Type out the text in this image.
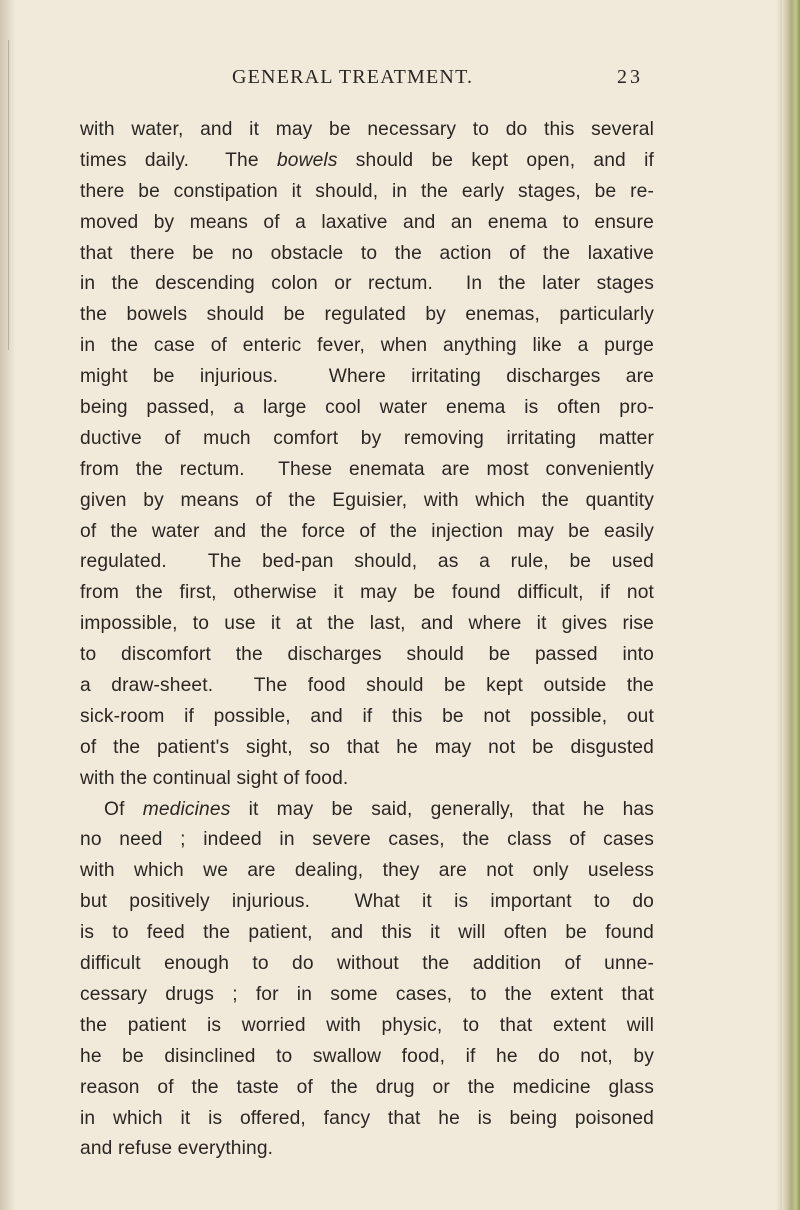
GENERAL TREATMENT.	23
with water, and it may be necessary to do this several
times daily.  The bowels should be kept open, and if
there be constipation it should, in the early stages, be re-
moved by means of a laxative and an enema to ensure
that there be no obstacle to the action of the laxative
in the descending colon or rectum.  In the later stages
the bowels should be regulated by enemas, particularly
in the case of enteric fever, when anything like a purge
might be injurious.  Where irritating discharges are
being passed, a large cool water enema is often pro-
ductive of much comfort by removing irritating matter
from the rectum.  These enemata are most conveniently
given by means of the Eguisier, with which the quantity
of the water and the force of the injection may be easily
regulated.  The bed-pan should, as a rule, be used
from the first, otherwise it may be found difficult, if not
impossible, to use it at the last, and where it gives rise
to discomfort the discharges should be passed into
a draw-sheet.  The food should be kept outside the
sick-room if possible, and if this be not possible, out
of the patient's sight, so that he may not be disgusted
with the continual sight of food.
Of medicines it may be said, generally, that he has
no need ; indeed in severe cases, the class of cases
with which we are dealing, they are not only useless
but positively injurious.  What it is important to do
is to feed the patient, and this it will often be found
difficult enough to do without the addition of unne-
cessary drugs ; for in some cases, to the extent that
the patient is worried with physic, to that extent will
he be disinclined to swallow food, if he do not, by
reason of the taste of the drug or the medicine glass
in which it is offered, fancy that he is being poisoned
and refuse everything.
